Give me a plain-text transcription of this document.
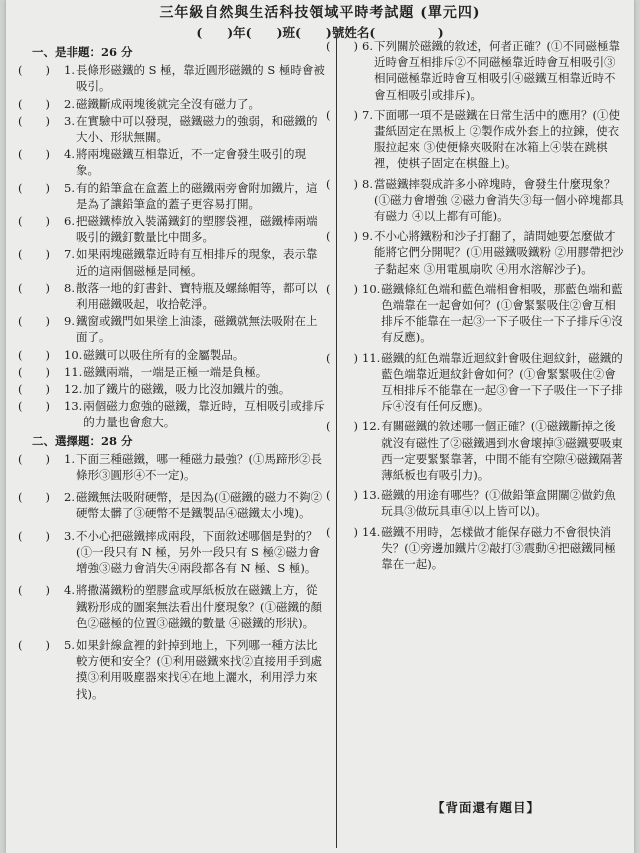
三年級自然與生活科技領域平時考試題 (單元四)
(　　)年(　　)班(　　)號姓名(　　　　　)
一、是非題：26 分
(　　)	1. 長條形磁鐵的 S 極，靠近圓形磁鐵的 S 極時會被吸引。
(　　)	2. 磁鐵斷成兩塊後就完全沒有磁力了。
(　　)	3. 在實驗中可以發現，磁鐵磁力的強弱，和磁鐵的大小、形狀無關。
(　　)	4. 將兩塊磁鐵互相靠近，不一定會發生吸引的現象。
(　　)	5. 有的鉛筆盒在盒蓋上的磁鐵兩旁會附加鐵片，這是為了讓鉛筆盒的蓋子更容易打開。
(　　)	6. 把磁鐵棒放入裝滿鐵釘的塑膠袋裡，磁鐵棒兩端吸引的鐵釘數量比中間多。
(　　)	7. 如果兩塊磁鐵靠近時有互相排斥的現象，表示靠近的這兩個磁極是同極。
(　　)	8. 散落一地的釘書針、寶特瓶及螺絲帽等，都可以利用磁鐵吸起，收拾乾淨。
(　　)	9. 鐵窗或鐵門如果塗上油漆，磁鐵就無法吸附在上面了。
(　　)	10. 磁鐵可以吸住所有的金屬製品。
(　　)	11. 磁鐵兩端，一端是正極一端是負極。
(　　)	12. 加了鐵片的磁鐵，吸力比沒加鐵片的強。
(　　)	13. 兩個磁力愈強的磁鐵，靠近時，互相吸引或排斥的力量也會愈大。
二、選擇題：28 分
(　　)	1. 下面三種磁鐵，哪一種磁力最強？(①馬蹄形②長條形③圓形④不一定)。
(　　)	2. 磁鐵無法吸附硬幣，是因為(①磁鐵的磁力不夠②硬幣太髒了③硬幣不是鐵製品④磁鐵太小塊)。
(　　)	3. 不小心把磁鐵摔成兩段，下面敘述哪個是對的？(①一段只有 N 極，另外一段只有 S 極②磁力會增強③磁力會消失④兩段都各有 N 極、S 極)。
(　　)	4. 將撒滿鐵粉的塑膠盒或厚紙板放在磁鐵上方，從鐵粉形成的圖案無法看出什麼現象？(①磁鐵的顏色②磁極的位置③磁鐵的數量 ④磁鐵的形狀)。
(　　)	5. 如果針線盒裡的針掉到地上，下列哪一種方法比較方便和安全？(①利用磁鐵來找②直接用手到處摸③利用吸塵器來找④在地上灑水，利用浮力來找)。
(　　) 6. 下列關於磁鐵的敘述，何者正確？(①不同磁極靠近時會互相排斥②不同磁極靠近時會互相吸引③相同磁極靠近時會互相吸引④磁鐵互相靠近時不會互相吸引或排斥)。
(　　) 7. 下面哪一項不是磁鐵在日常生活中的應用？(①使畫紙固定在黑板上 ②製作成外套上的拉鍊，使衣服拉起來 ③使便條夾吸附在冰箱上④裝在跳棋裡，使棋子固定在棋盤上)。
(　　) 8. 當磁鐵摔裂成許多小碎塊時，會發生什麼現象？(①磁力會增強 ②磁力會消失③每一個小碎塊都具有磁力 ④以上都有可能)。
(　　) 9. 不小心將鐵粉和沙子打翻了，請問她要怎麼做才能將它們分開呢？(①用磁鐵吸鐵粉 ②用膠帶把沙子黏起來 ③用電風扇吹 ④用水溶解沙子)。
(　　) 10. 磁鐵條紅色端和藍色端相會相吸，那藍色端和藍色端靠在一起會如何？(①會緊緊吸住②會互相排斥不能靠在一起③一下子吸住一下子排斥④沒有反應)。
(　　) 11. 磁鐵的紅色端靠近迴紋針會吸住迴紋針，磁鐵的藍色端靠近迴紋針會如何？(①會緊緊吸住②會互相排斥不能靠在一起③會一下子吸住一下子排斥④沒有任何反應)。
(　　) 12. 有關磁鐵的敘述哪一個正確？(①磁鐵斷掉之後就沒有磁性了②磁鐵遇到水會壞掉③磁鐵要吸東西一定要緊緊靠著，中間不能有空隙④磁鐵隔著薄紙板也有吸引力)。
(　　) 13. 磁鐵的用途有哪些？(①做鉛筆盒開關②做釣魚玩具③做玩具車④以上皆可以)。
(　　) 14. 磁鐵不用時，怎樣做才能保存磁力不會很快消失？(①旁邊加鐵片②敲打③震動④把磁鐵同極靠在一起)。
【背面還有題目】
